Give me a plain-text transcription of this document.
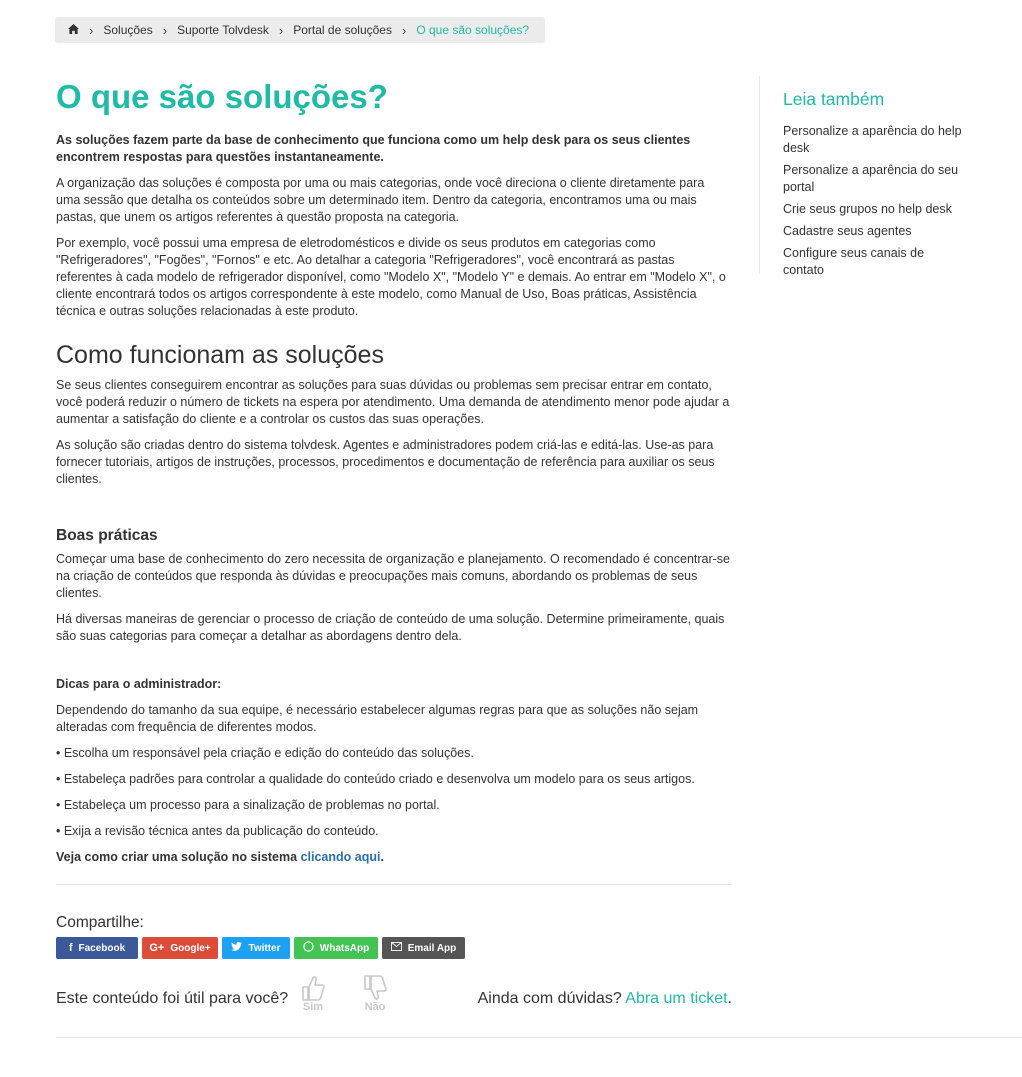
› Soluções › Suporte Tolvdesk › Portal de soluções › O que são soluções?
O que são soluções?

As soluções fazem parte da base de conhecimento que funciona como um help desk para os seus clientes encontrem respostas para questões instantaneamente.

A organização das soluções é composta por uma ou mais categorias, onde você direciona o cliente diretamente para uma sessão que detalha os conteúdos sobre um determinado item. Dentro da categoria, encontramos uma ou mais pastas, que unem os artigos referentes à questão proposta na categoria.

Por exemplo, você possui uma empresa de eletrodomésticos e divide os seus produtos em categorias como "Refrigeradores", "Fogões", "Fornos" e etc. Ao detalhar a categoria "Refrigeradores", você encontrará as pastas referentes à cada modelo de refrigerador disponível, como "Modelo X", "Modelo Y" e demais. Ao entrar em "Modelo X", o cliente encontrará todos os artigos correspondente à este modelo, como Manual de Uso, Boas práticas, Assistência técnica e outras soluções relacionadas à este produto.

Como funcionam as soluções

Se seus clientes conseguirem encontrar as soluções para suas dúvidas ou problemas sem precisar entrar em contato, você poderá reduzir o número de tickets na espera por atendimento. Uma demanda de atendimento menor pode ajudar a aumentar a satisfação do cliente e a controlar os custos das suas operações.

As solução são criadas dentro do sistema tolvdesk. Agentes e administradores podem criá-las e editá-las. Use-as para fornecer tutoriais, artigos de instruções, processos, procedimentos e documentação de referência para auxiliar os seus clientes.

Boas práticas

Começar uma base de conhecimento do zero necessita de organização e planejamento. O recomendado é concentrar-se na criação de conteúdos que responda às dúvidas e preocupações mais comuns, abordando os problemas de seus clientes.

Há diversas maneiras de gerenciar o processo de criação de conteúdo de uma solução. Determine primeiramente, quais são suas categorias para começar a detalhar as abordagens dentro dela.

Dicas para o administrador:

Dependendo do tamanho da sua equipe, é necessário estabelecer algumas regras para que as soluções não sejam alteradas com frequência de diferentes modos.

• Escolha um responsável pela criação e edição do conteúdo das soluções.

• Estabeleça padrões para controlar a qualidade do conteúdo criado e desenvolva um modelo para os seus artigos.

• Estabeleça um processo para a sinalização de problemas no portal.

• Exija a revisão técnica antes da publicação do conteúdo.

Veja como criar uma solução no sistema clicando aqui.

Compartilhe:
f Facebook G+ Google+	Twitter	WhatsApp	Email App
Este conteúdo foi útil para você?	Sim	Não	Ainda com dúvidas? Abra um ticket.
Leia também
Personalize a aparência do help desk
Personalize a aparência do seu portal
Crie seus grupos no help desk
Cadastre seus agentes
Configure seus canais de contato
